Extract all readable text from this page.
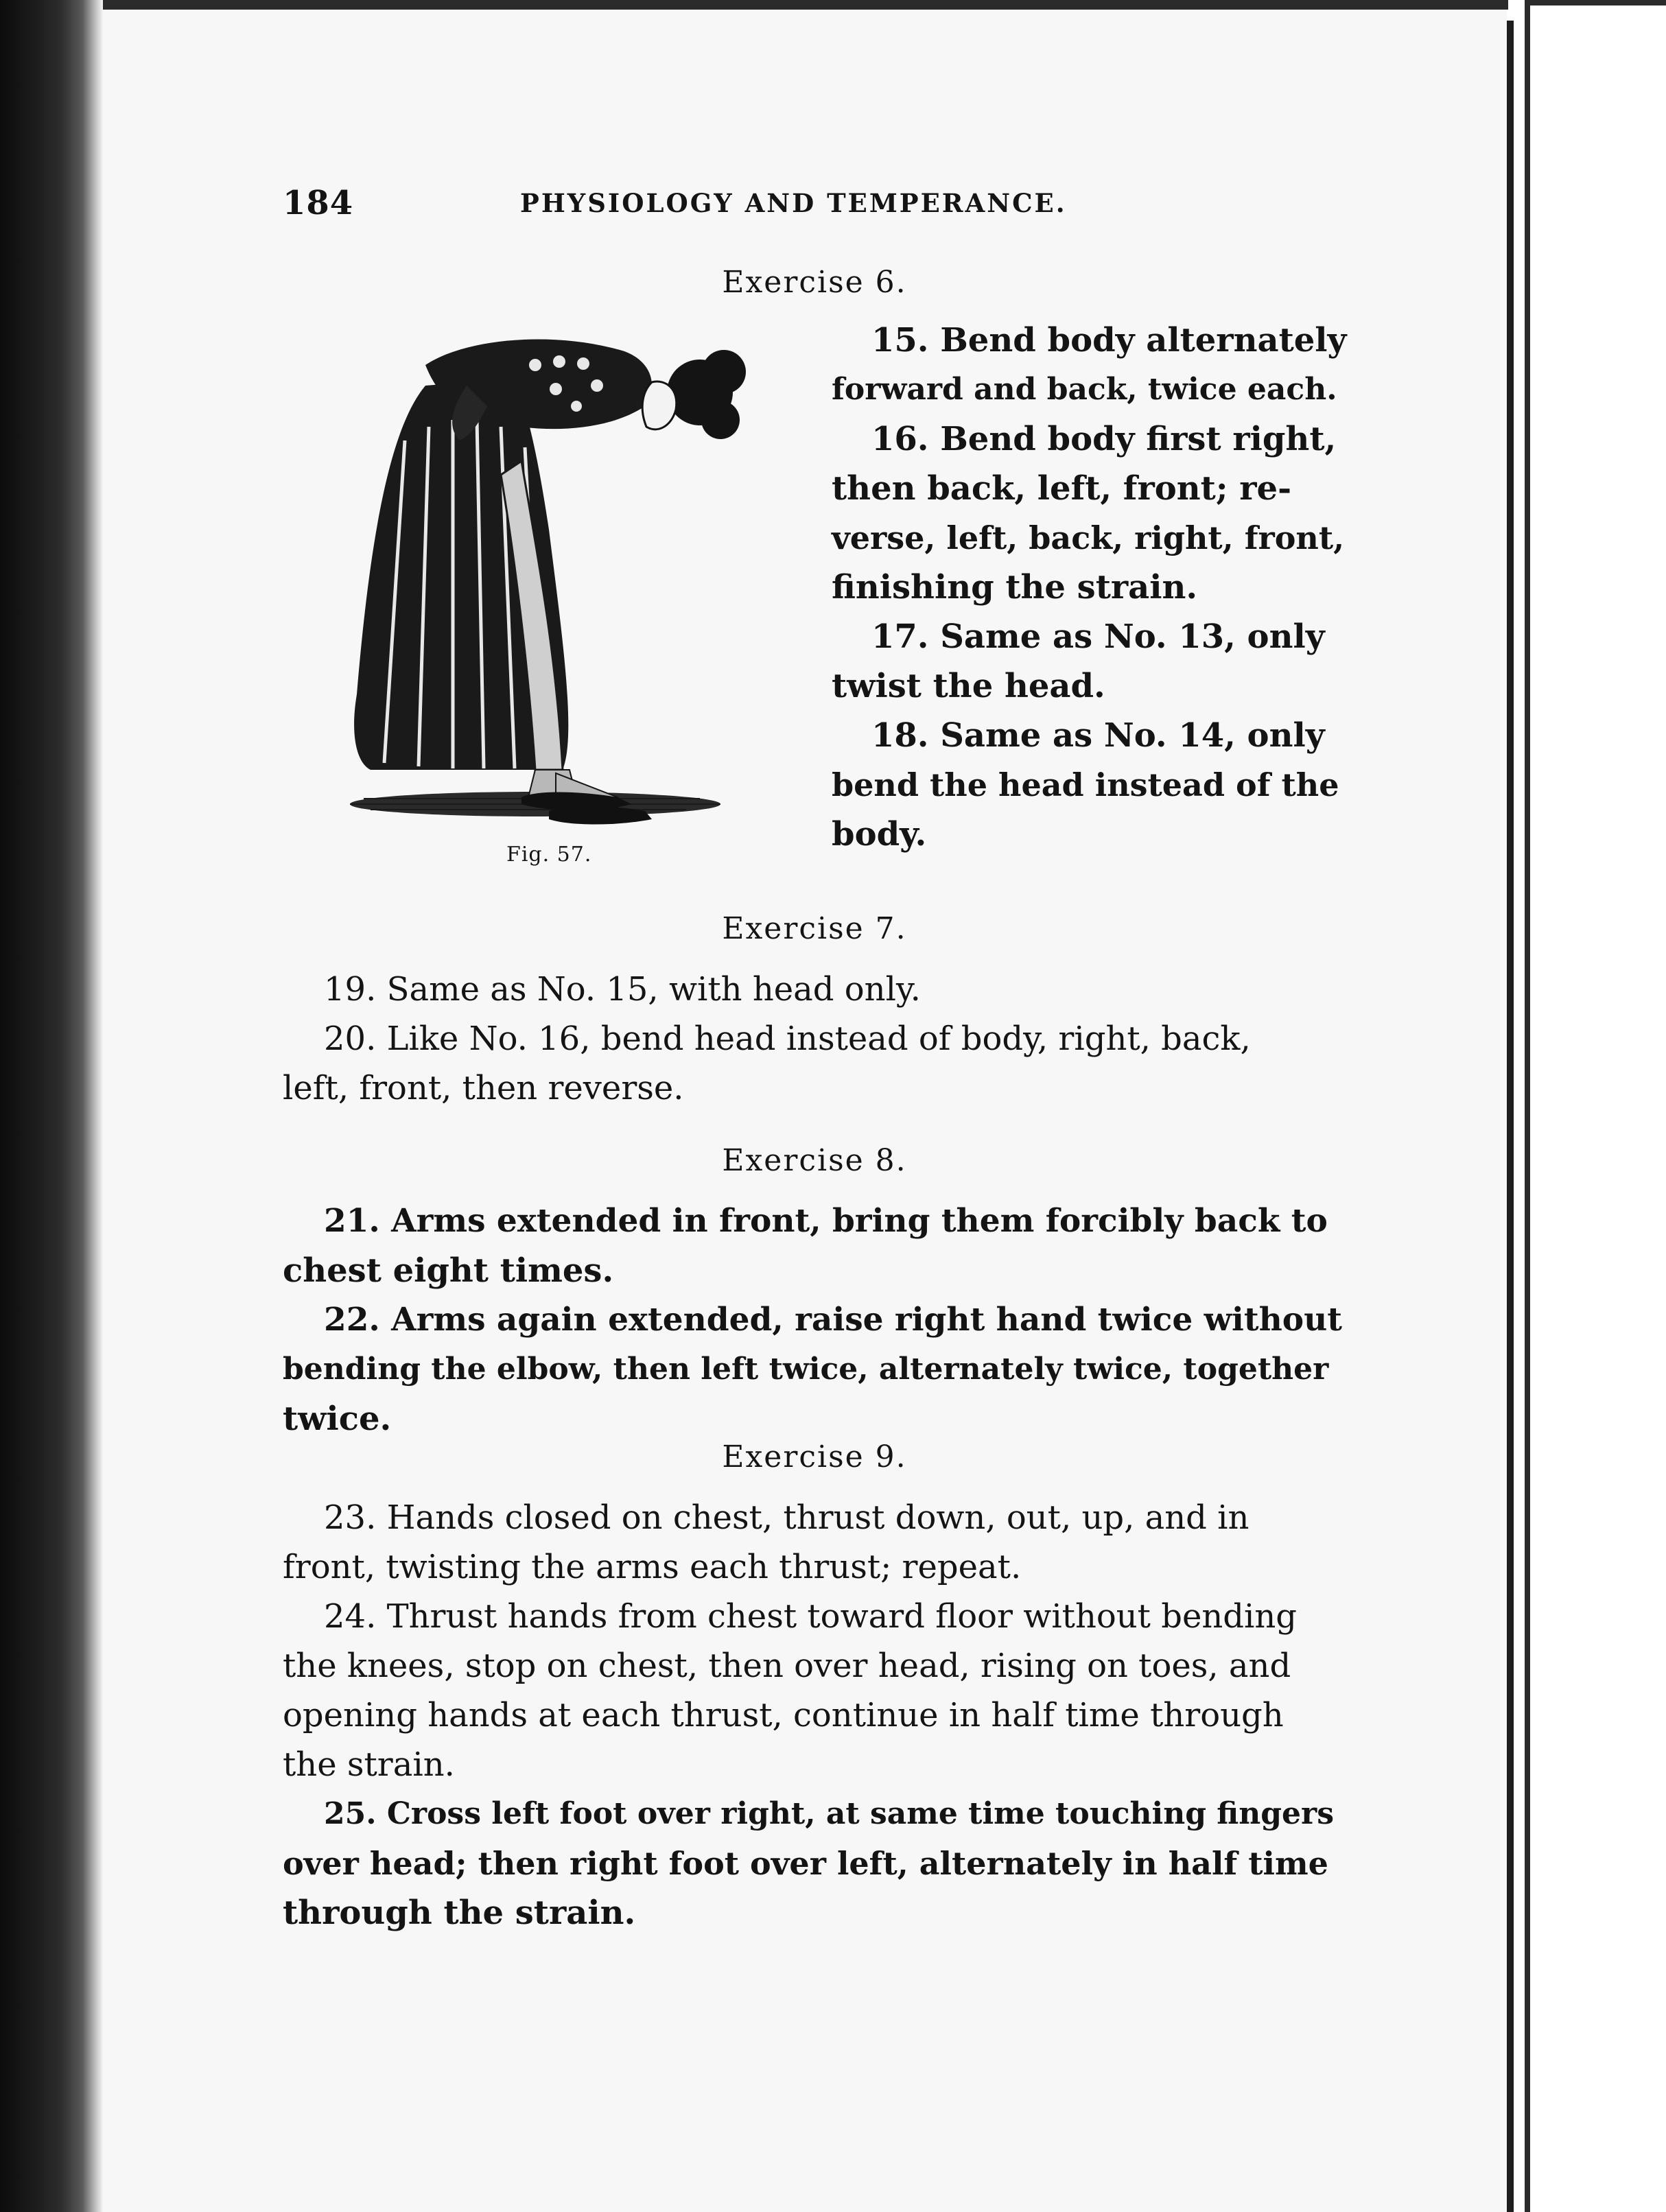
184	PHYSIOLOGY AND TEMPERANCE.
Exercise 6.
Fig. 57.
15. Bend body alternately
forward and back, twice each.
16. Bend body first right,
then back, left, front; re-
verse, left, back, right, front,
finishing the strain.
17. Same as No. 13, only
twist the head.
18. Same as No. 14, only
bend the head instead of the
body.
Exercise 7.
19. Same as No. 15, with head only.
20. Like No. 16, bend head instead of body, right, back,
left, front, then reverse.
Exercise 8.
21. Arms extended in front, bring them forcibly back to
chest eight times.
22. Arms again extended, raise right hand twice without
bending the elbow, then left twice, alternately twice, together
twice.
Exercise 9.
23. Hands closed on chest, thrust down, out, up, and in
front, twisting the arms each thrust; repeat.
24. Thrust hands from chest toward floor without bending
the knees, stop on chest, then over head, rising on toes, and
opening hands at each thrust, continue in half time through
the strain.
25. Cross left foot over right, at same time touching fingers
over head; then right foot over left, alternately in half time
through the strain.
